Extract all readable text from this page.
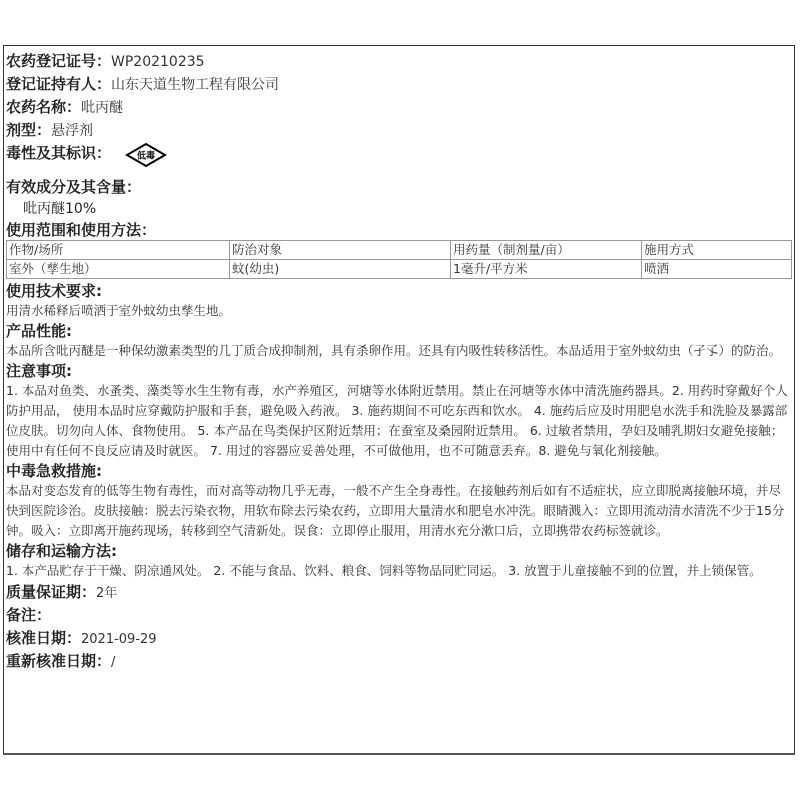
农药登记证号：WP20210235
登记证持有人：山东天道生物工程有限公司
农药名称：吡丙醚
剂型：悬浮剂
毒性及其标识：	低毒
有效成分及其含量：
吡丙醚10%
使用范围和使用方法：
作物/场所	防治对象	用药量（制剂量/亩）	施用方式
室外（孳生地）	蚊(幼虫)	1毫升/平方米	喷洒
使用技术要求:

用清水稀释后喷洒于室外蚊幼虫孳生地。

产品性能:

本品所含吡丙醚是一种保幼激素类型的几丁质合成抑制剂，具有杀卵作用。还具有内吸性转移活性。本品适用于室外蚊幼虫（孑孓）的防治。

注意事项:

1. 本品对鱼类、水蚤类、藻类等水生生物有毒，水产养殖区，河塘等水体附近禁用。禁止在河塘等水体中清洗施药器具。2. 用药时穿戴好个人防护用品， 使用本品时应穿戴防护服和手套，避免吸入药液。 3. 施药期间不可吃东西和饮水。 4. 施药后应及时用肥皂水洗手和洗脸及暴露部位皮肤。切勿向人体、食物使用。 5. 本产品在鸟类保护区附近禁用；在蚕室及桑园附近禁用。 6. 过敏者禁用，孕妇及哺乳期妇女避免接触；使用中有任何不良反应请及时就医。 7. 用过的容器应妥善处理，不可做他用，也不可随意丢弃。8. 避免与氧化剂接触。

中毒急救措施:

本品对变态发育的低等生物有毒性，而对高等动物几乎无毒，一般不产生全身毒性。在接触药剂后如有不适症状，应立即脱离接触环境，并尽快到医院诊治。皮肤接触：脱去污染衣物，用软布除去污染农药，立即用大量清水和肥皂水冲洗。眼睛溅入：立即用流动清水清洗不少于15分钟。吸入：立即离开施药现场，转移到空气清新处。误食：立即停止服用，用清水充分漱口后，立即携带农药标签就诊。

储存和运输方法:

1. 本产品贮存于干燥、阴凉通风处。 2. 不能与食品、饮料、粮食、饲料等物品同贮同运。 3. 放置于儿童接触不到的位置，并上锁保管。

质量保证期：2年
备注：
核准日期：2021-09-29
重新核准日期：/
